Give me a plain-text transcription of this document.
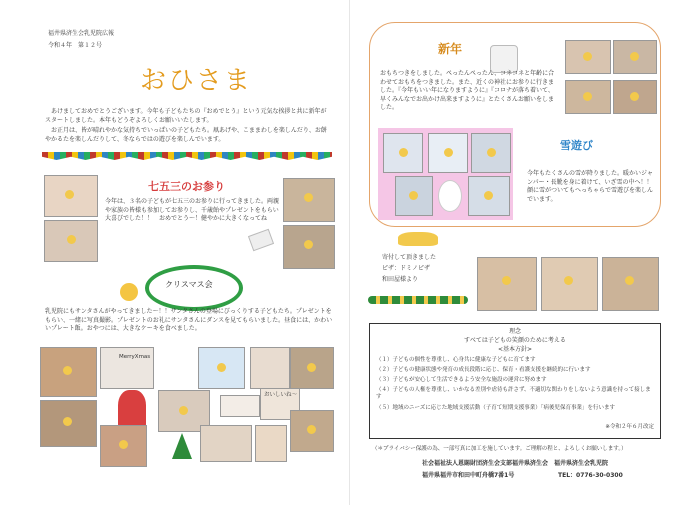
福井県済生会乳児院広報
令和４年　第１２号
おひさま
　あけましておめでとうございます。今年も子どもたちの『おめでとう』という元気な挨拶と共に新年がスタートしました。本年もどうぞよろしくお願いいたします。
　お正月は、皆が晴れやかな気持ちでいっぱいの子どもたち。凧あげや、こままわしを楽しんだり、お餅やかるたを楽しんだりして、冬ならではの遊びを楽しんでいます。
七五三のお参り
今年は、３名の子どもが七五三のお参りに行ってきました。両親や家族の皆様も参加してお参りし、千歳飴やプレゼントをもらい大喜びでした！！　おめでとう～！健やかに大きくなってね
クリスマス会
乳児院にもサンタさんがやってきました～！！サンタさんの登場にびっくりする子どもたち。プレゼントをもらい、一緒に写真撮影。プレゼントのお礼にサンタさんにダンスを見てもらいました。昼食には、かわいいプレート飯。おやつには、大きなケーキを食べました。
MerryXmas
おいしいね～
新年
おもちつきをしました。ぺったんぺったん、コネコネと年齢に合わせておもちをつきました。また、近くの神社にお参りに行きました。『今年もいい年になりますように』『コロナが落ち着いて、早くみんなでお出かけ出来ますように』とたくさんお願いをしました。
雪遊び
今年もたくさんの雪が降りました。暖かいジャンパー・長靴を身に着けて、いざ雪の中へ！！顔に雪がついてもへっちゃらで雪遊びを楽しんでいます。
寄付して頂きました
ピザ：ドミノピザ
和田屋様より
理念
すべては子どもの笑顔のために考える
<基本方針>
（１）子どもの個性を尊重し、心身共に健康な子どもに育てます
（２）子どもの健康状態や発育の成長段階に応じ、保育・看護支援を継続的に行います
（３）子どもが安心して生活できるよう安全な施設の運営に努めます
（４）子どもの人権を尊重し、いかなる差別や虐待も許さず、不適切な関わりをしないよう意識を持って接します
（５）地域のニーズに応じた地域支援活動（子育て短期支援事業）「病後児保育事業」を行います
※令和２年６月改定
（＊プライバシー保護の為、一部写真に加工を施しています。ご理解の程と、よろしくお願いします。）
社会福祉法人恩賜財団済生会支部福井県済生会　福井県済生会乳児院
福井県福井市和田中町舟橋7番1号	TEL：0776-30-0300
